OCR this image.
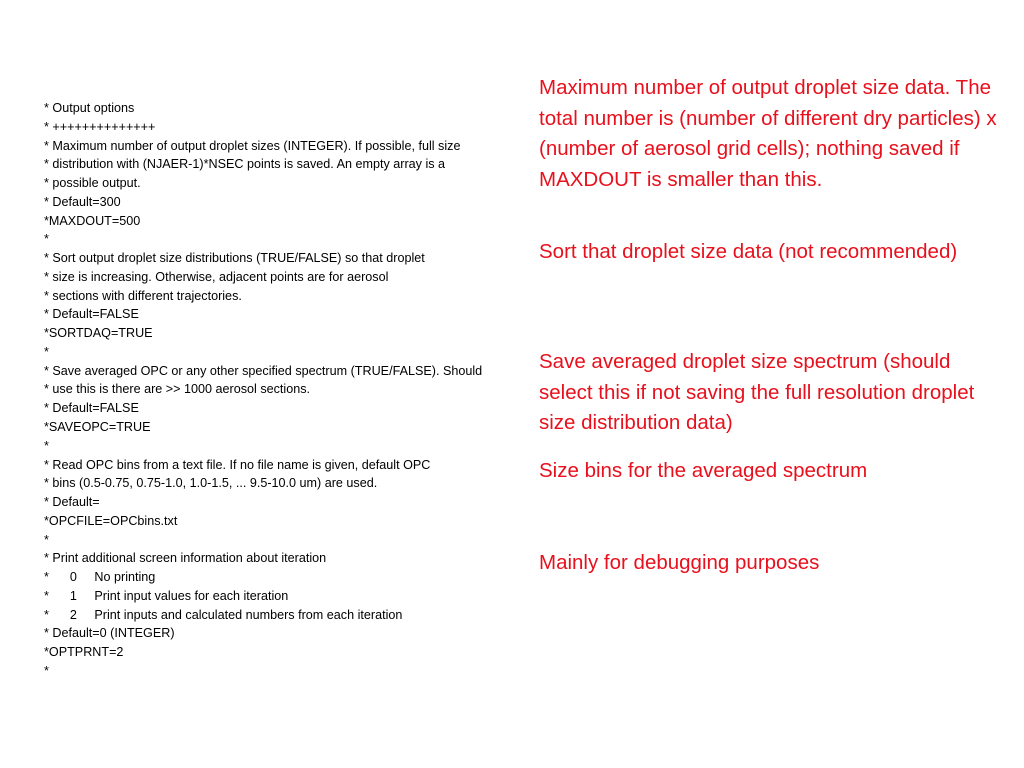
* Output options
* ++++++++++++++
* Maximum number of output droplet sizes (INTEGER). If possible, full size
* distribution with (NJAER-1)*NSEC points is saved. An empty array is a
* possible output.
* Default=300
*MAXDOUT=500
*
* Sort output droplet size distributions (TRUE/FALSE) so that droplet
* size is increasing. Otherwise, adjacent points are for aerosol
* sections with different trajectories.
* Default=FALSE
*SORTDAQ=TRUE
*
* Save averaged OPC or any other specified spectrum (TRUE/FALSE). Should
* use this is there are >> 1000 aerosol sections.
* Default=FALSE
*SAVEOPC=TRUE
*
* Read OPC bins from a text file. If no file name is given, default OPC
* bins (0.5-0.75, 0.75-1.0, 1.0-1.5, ... 9.5-10.0 um) are used.
* Default=
*OPCFILE=OPCbins.txt
*
* Print additional screen information about iteration
*      0     No printing
*      1     Print input values for each iteration
*      2     Print inputs and calculated numbers from each iteration
* Default=0 (INTEGER)
*OPTPRNT=2
*
Maximum number of output droplet size data. The total number is (number of different dry particles) x (number of aerosol grid cells); nothing saved if MAXDOUT is smaller than this.
Sort that droplet size data (not recommended)
Save averaged droplet size spectrum (should select this if not saving the full resolution droplet size distribution data)
Size bins for the averaged spectrum
Mainly for debugging purposes
